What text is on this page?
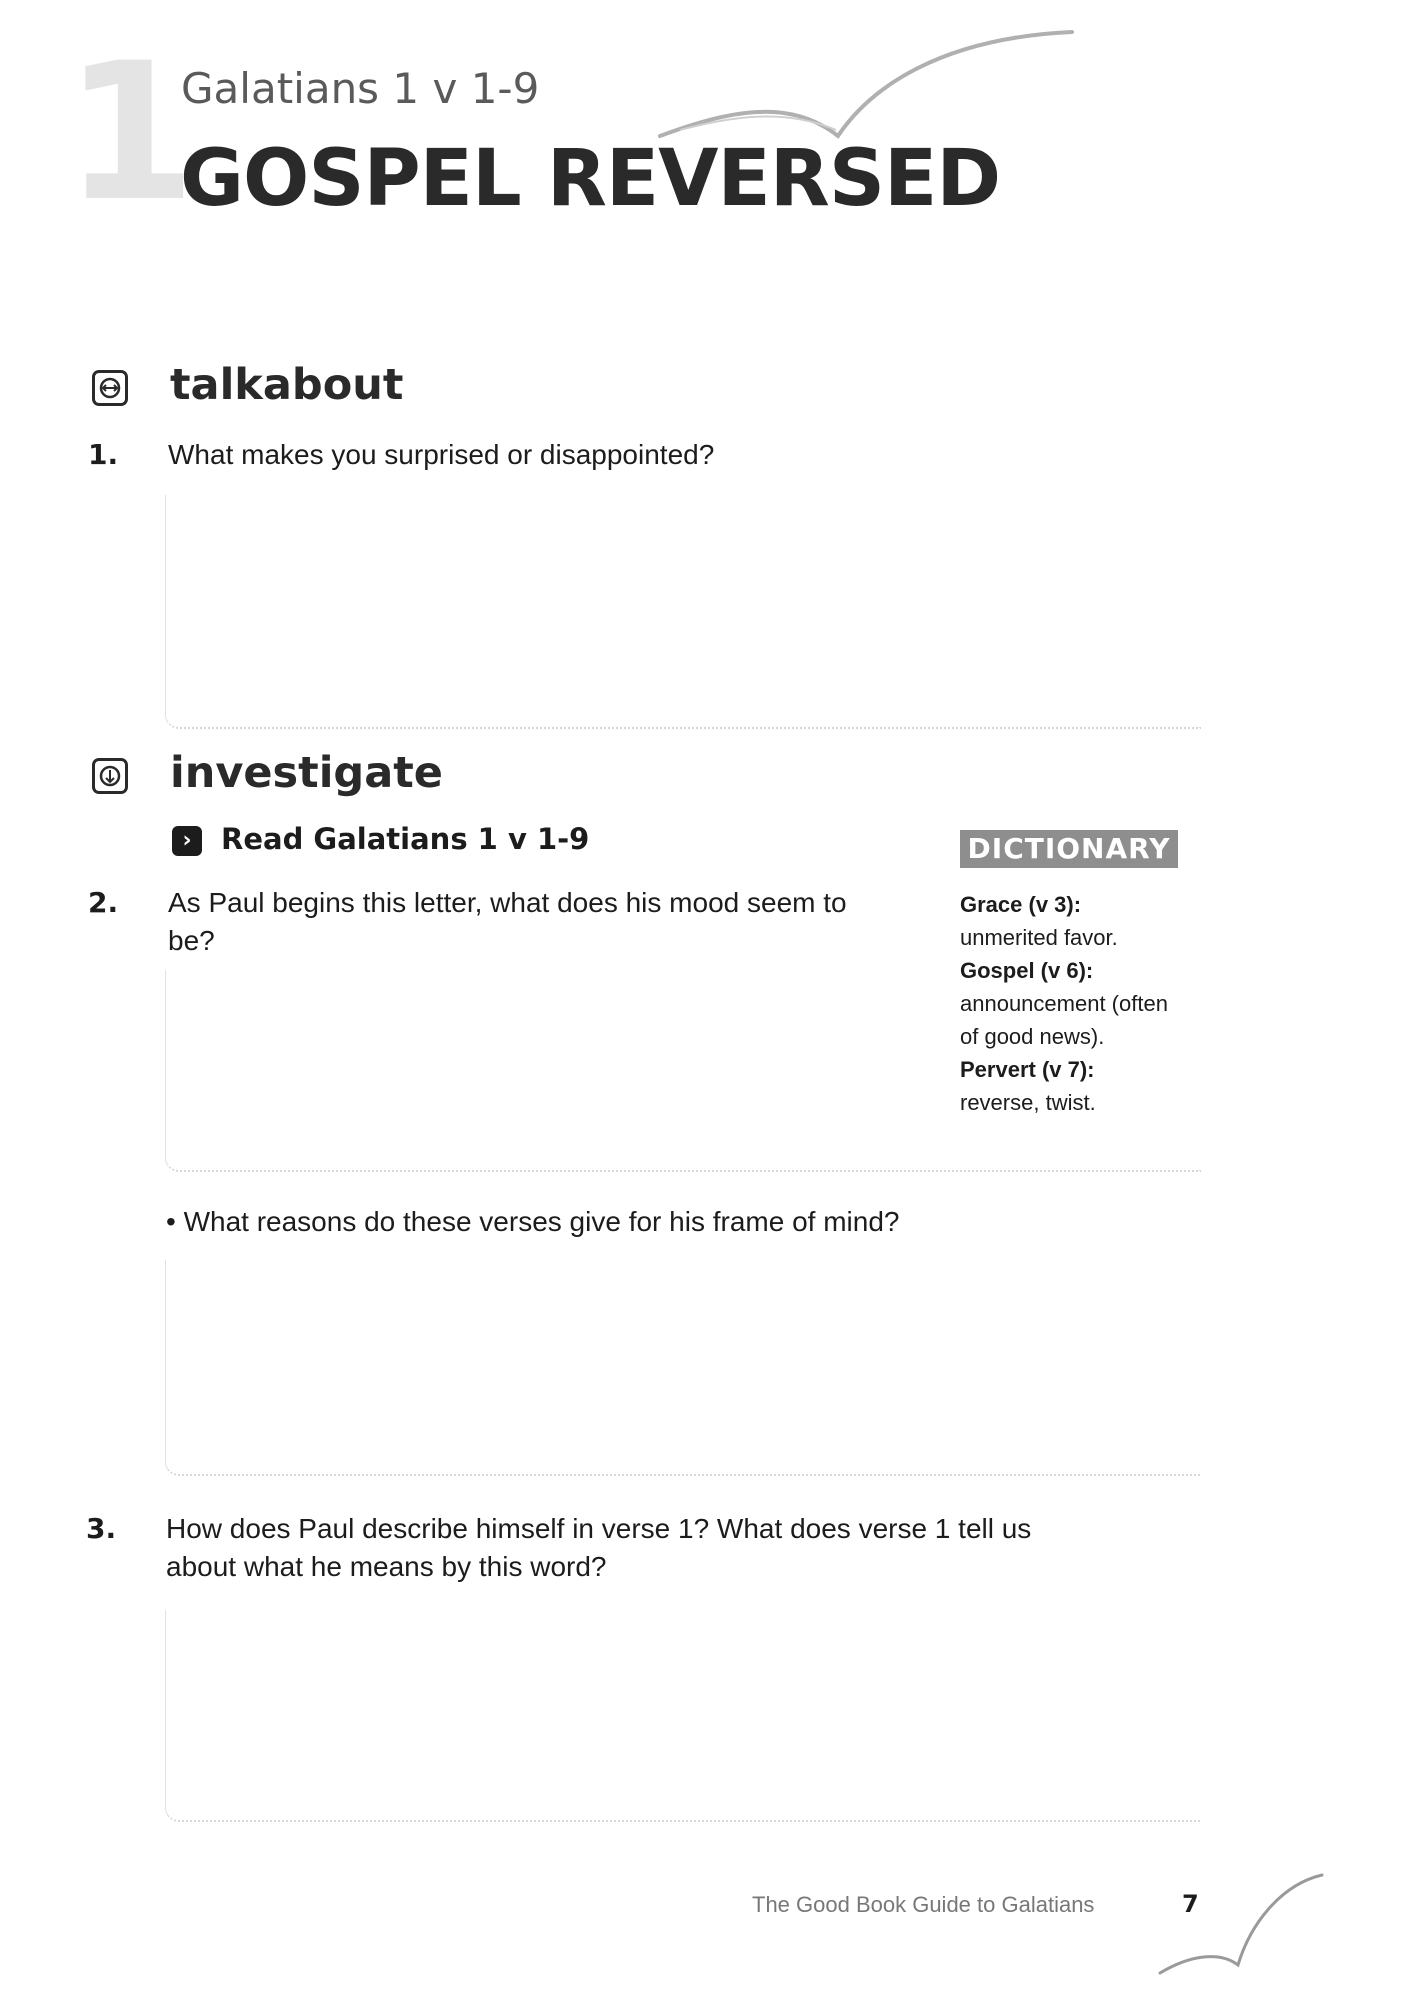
1
Galatians 1 v 1-9
GOSPEL REVERSED
talkabout
1. What makes you surprised or disappointed?
investigate
›	Read Galatians 1 v 1-9
2. As Paul begins this letter, what does his mood seem to
be?
DICTIONARY
Grace (v 3):
unmerited favor.
Gospel (v 6):
announcement (often
of good news).
Pervert (v 7):
reverse, twist.
• What reasons do these verses give for his frame of mind?
3. How does Paul describe himself in verse 1? What does verse 1 tell us
about what he means by this word?
The Good Book Guide to Galatians	7
